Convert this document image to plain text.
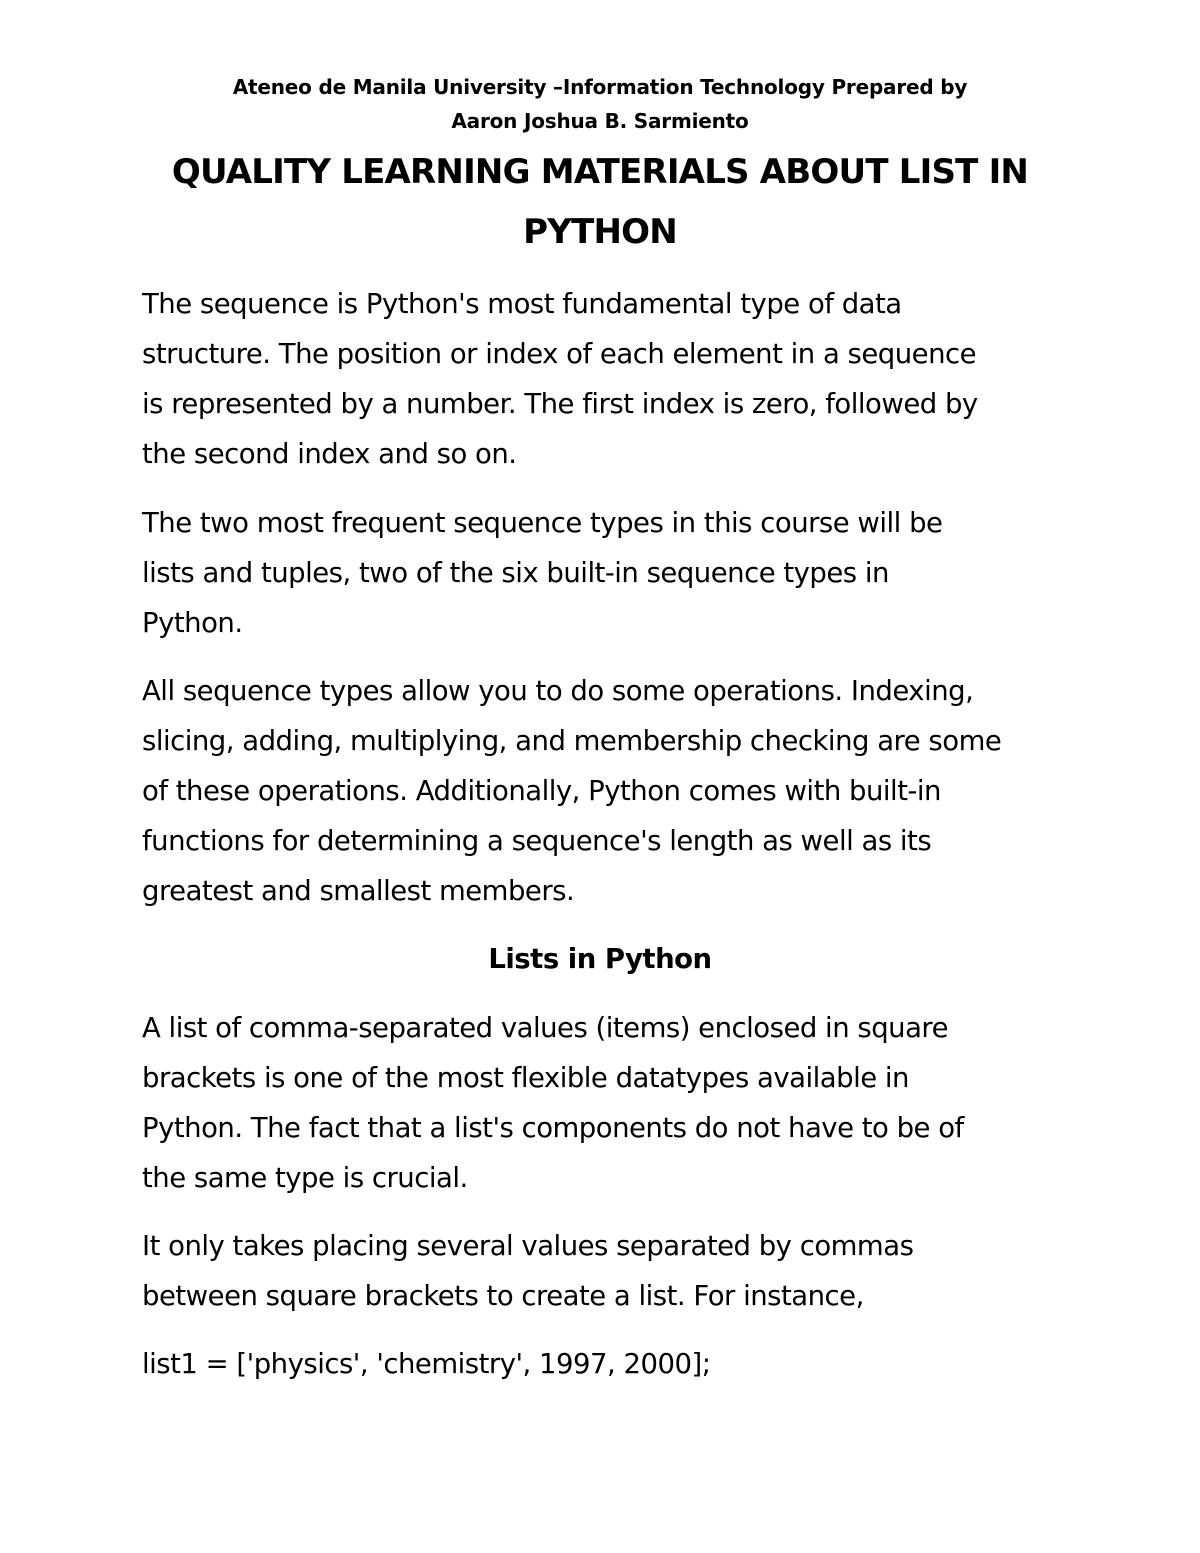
Ateneo de Manila University –Information Technology Prepared by
Aaron Joshua B. Sarmiento
QUALITY LEARNING MATERIALS ABOUT LIST IN
PYTHON

The sequence is Python's most fundamental type of data
structure. The position or index of each element in a sequence
is represented by a number. The first index is zero, followed by
the second index and so on.

The two most frequent sequence types in this course will be
lists and tuples, two of the six built-in sequence types in
Python.

All sequence types allow you to do some operations. Indexing,
slicing, adding, multiplying, and membership checking are some
of these operations. Additionally, Python comes with built-in
functions for determining a sequence's length as well as its
greatest and smallest members.

Lists in Python

A list of comma-separated values (items) enclosed in square
brackets is one of the most flexible datatypes available in
Python. The fact that a list's components do not have to be of
the same type is crucial.

It only takes placing several values separated by commas
between square brackets to create a list. For instance,

list1 = ['physics', 'chemistry', 1997, 2000];
